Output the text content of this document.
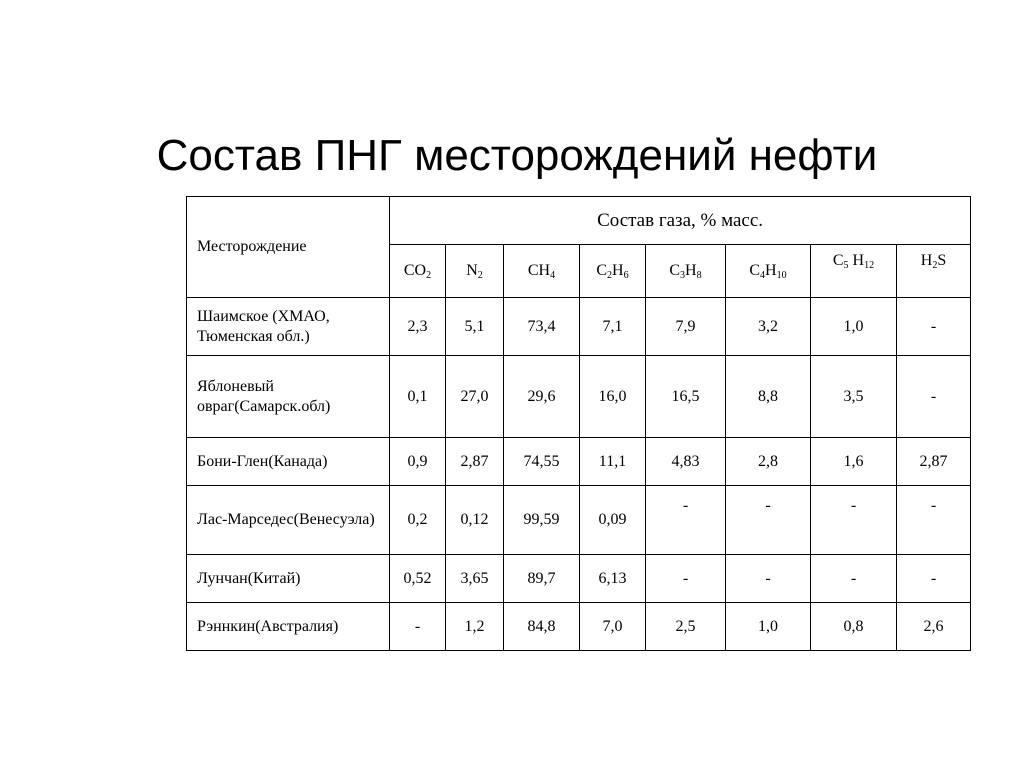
Состав ПНГ месторождений нефти
Месторождение	Состав газа, % масс.							
	$CO_2$	$N_2$	$CH_4$	$C_2H_6$	$C_3H_8$	$C_4H_{10}$	$C_5$ $H_{12}$	$H_2S$
Шаимское (ХМАО, Тюменская обл.)	2,3	5,1	73,4	7,1	7,9	3,2	1,0	-
Яблоневый овраг(Самарск.обл)	0,1	27,0	29,6	16,0	16,5	8,8	3,5	-
Бони-Глен(Канада)	0,9	2,87	74,55	11,1	4,83	2,8	1,6	2,87
Лас-Марседес(Венесуэла)	0,2	0,12	99,59	0,09	-	-	-	-
Лунчан(Китай)	0,52	3,65	89,7	6,13	-	-	-	-
Рэннкин(Австралия)	-	1,2	84,8	7,0	2,5	1,0	0,8	2,6
